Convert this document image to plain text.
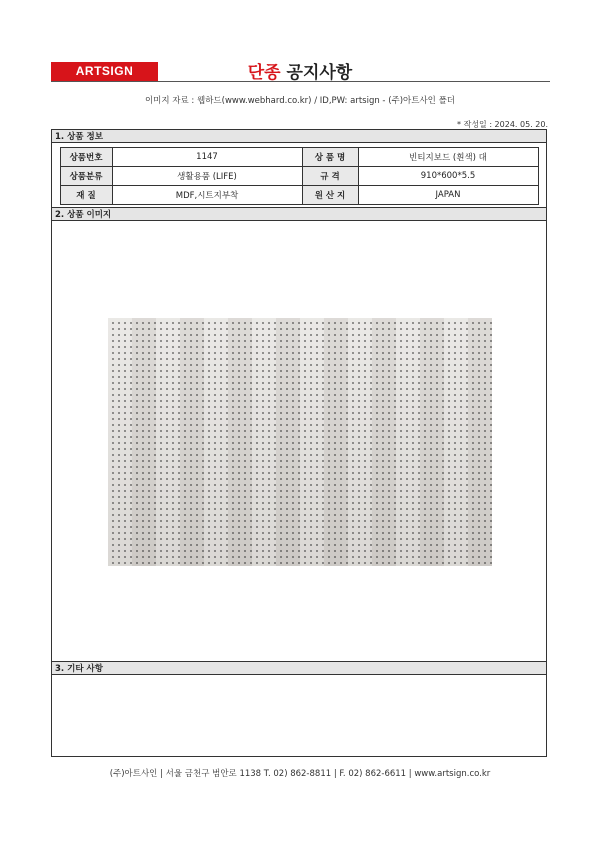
ARTSIGN	단종 공지사항
이미지 자료 : 웹하드(www.webhard.co.kr) / ID,PW: artsign - (주)아트사인 폴더
* 작성일 : 2024. 05. 20.
1. 상품 정보
	상품번호	1147	상 품 명	빈티지보드 (흰색) 대	
	상품분류	생활용품 (LIFE)	규 격	910*600*5.5	
	재 질	MDF,시트지부착	원 산 지	JAPAN	
2. 상품 이미지
3. 기타 사항
(주)아트사인 | 서울 금천구 범안로 1138 T. 02) 862-8811 | F. 02) 862-6611 | www.artsign.co.kr
